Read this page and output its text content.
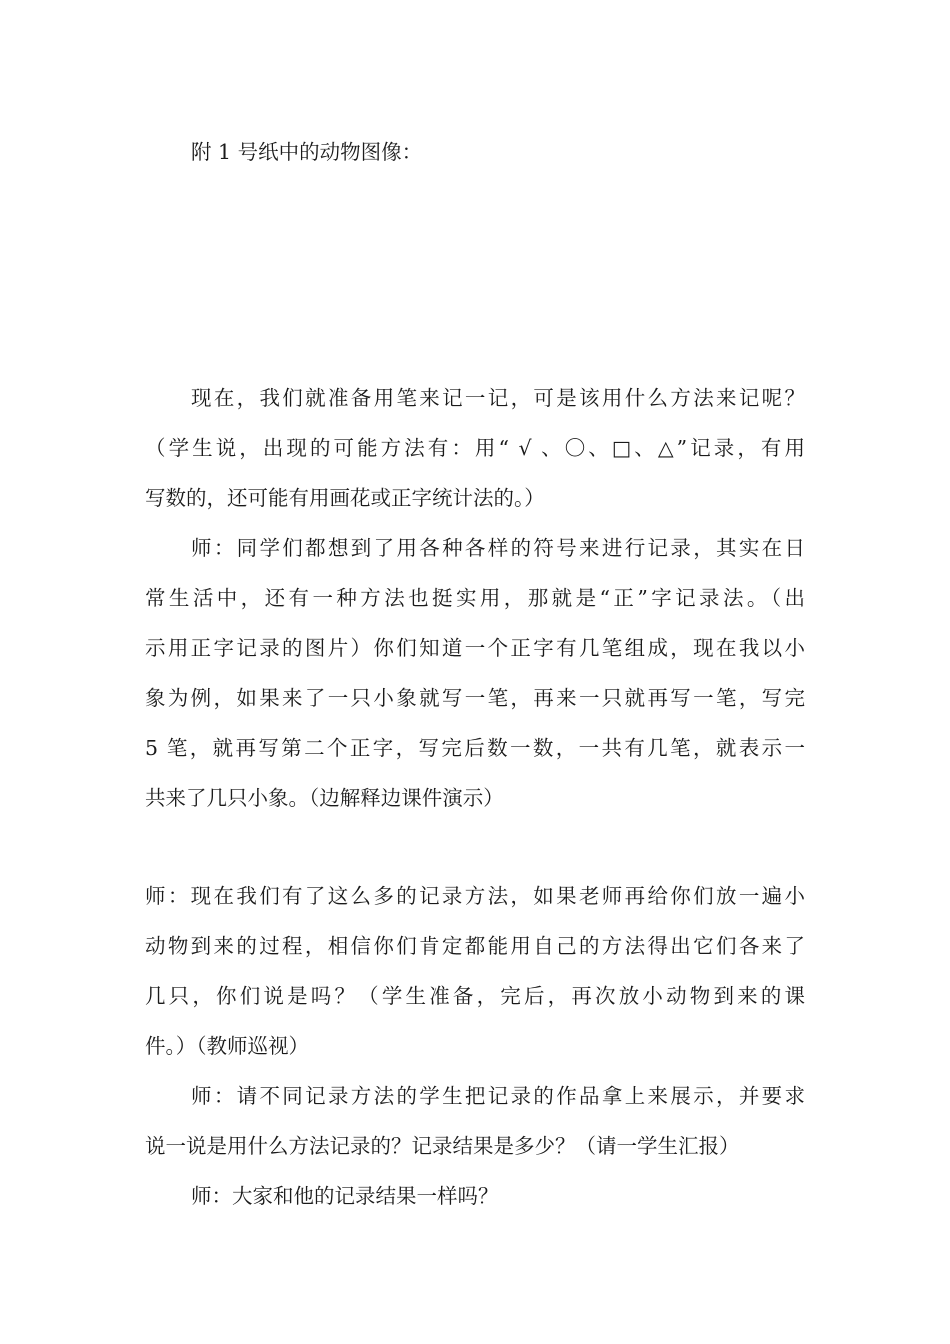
附 1 号纸中的动物图像：

现在，我们就准备用笔来记一记，可是该用什么方法来记呢？

（学生说，出现的可能方法有：用“ √ 、〇、□、△”记录，有用

写数的，还可能有用画花或正字统计法的。）

师：同学们都想到了用各种各样的符号来进行记录，其实在日

常生活中，还有一种方法也挺实用，那就是“正”字记录法。（出

示用正字记录的图片）你们知道一个正字有几笔组成，现在我以小

象为例，如果来了一只小象就写一笔，再来一只就再写一笔，写完

5 笔，就再写第二个正字，写完后数一数，一共有几笔，就表示一

共来了几只小象。（边解释边课件演示）

师：现在我们有了这么多的记录方法，如果老师再给你们放一遍小

动物到来的过程，相信你们肯定都能用自己的方法得出它们各来了

几只，你们说是吗？（学生准备，完后，再次放小动物到来的课

件。）（教师巡视）

师：请不同记录方法的学生把记录的作品拿上来展示，并要求

说一说是用什么方法记录的？记录结果是多少？（请一学生汇报）

师：大家和他的记录结果一样吗？
